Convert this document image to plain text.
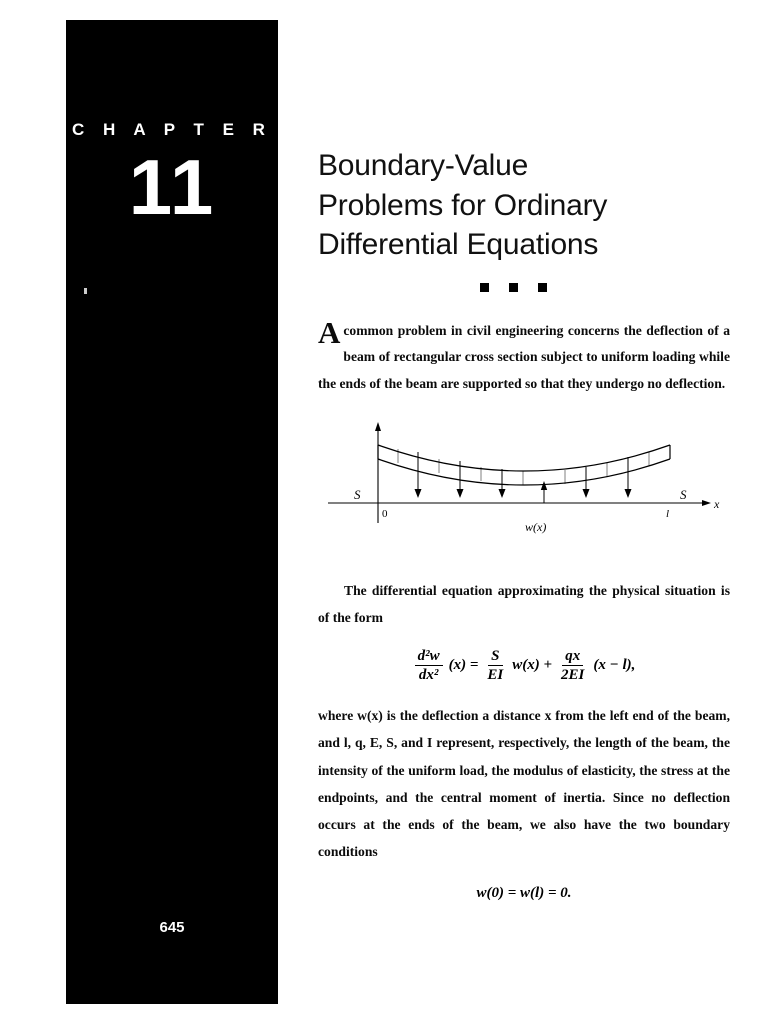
C H A P T E R
11
645
Boundary-Value
Problems for Ordinary
Differential Equations

Acommon problem in civil engineering concerns the deflection of a beam of rectangular cross section subject to uniform loading while the ends of the beam are supported so that they undergo no deflection.

S	S
0	l
x
w(x)

The differential equation approximating the physical situation is of the form

$\frac{\text{d²w}}{\text{dx²}} (x) = \frac{S}{EI} w(x) + \frac{qx}{2EI} (x - l)$,

where w(x) is the deflection a distance x from the left end of the beam, and l, q, E, S, and I represent, respectively, the length of the beam, the intensity of the uniform load, the modulus of elasticity, the stress at the endpoints, and the central moment of inertia. Since no deflection occurs at the ends of the beam, we also have the two boundary conditions

w(0) = w(l) = 0.
